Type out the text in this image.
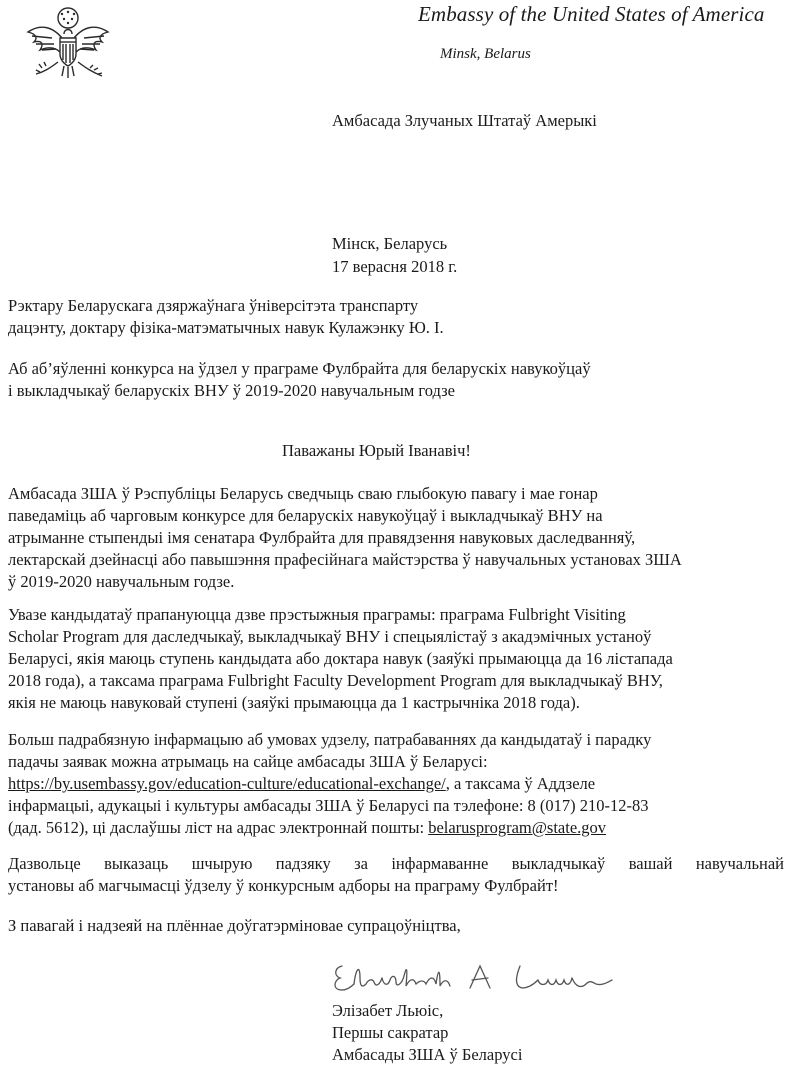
Embassy of the United States of America
Minsk, Belarus
Амбасада Злучаных Штатаў Амерыкі
Мінск, Беларусь
17 верасня 2018 г.
Рэктару Беларускага дзяржаўнага ўніверсітэта транспарту
дацэнту, доктару фізіка-матэматычных навук Кулажэнку Ю. І.
Аб аб’яўленні конкурса на ўдзел у праграме Фулбрайта для беларускіх навукоўцаў
і выкладчыкаў беларускіх ВНУ ў 2019-2020 навучальным годзе
Паважаны Юрый Іванавіч!
Амбасада ЗША ў Рэспубліцы Беларусь сведчыць сваю глыбокую павагу і мае гонар
паведаміць аб чарговым конкурсе для беларускіх навукоўцаў і выкладчыкаў ВНУ на
атрыманне стыпендыі імя сенатара Фулбрайта для правядзення навуковых даследванняў,
лектарскай дзейнасці або павышэння прафесійнага майстэрства ў навучальных установах ЗША
ў 2019-2020 навучальным годзе.
Увазе кандыдатаў прапануюцца дзве прэстыжныя праграмы: праграма Fulbright Visiting
Scholar Program для даследчыкаў, выкладчыкаў ВНУ і спецыялістаў з акадэмічных устаноў
Беларусі, якія маюць ступень кандыдата або доктара навук (заяўкі прымаюцца да 16 лістапада
2018 года), а таксама праграма Fulbright Faculty Development Program для выкладчыкаў ВНУ,
якія не маюць навуковай ступені (заяўкі прымаюцца да 1 кастрычніка 2018 года).
Больш падрабязную інфармацыю аб умовах удзелу, патрабаваннях да кандыдатаў і парадку
падачы заявак можна атрымаць на сайце амбасады ЗША ў Беларусі:
https://by.usembassy.gov/education-culture/educational-exchange/, а таксама ў Аддзеле
інфармацыі, адукацыі і культуры амбасады ЗША ў Беларусі па тэлефоне: 8 (017) 210-12-83
(дад. 5612), ці даслаўшы ліст на адрас электроннай пошты: belarusprogram@state.gov
Дазвольце выказаць шчырую падзяку за інфармаванне выкладчыкаў вашай навучальнай
установы аб магчымасці ўдзелу ў конкурсным адборы на праграму Фулбрайт!
З павагай і надзеяй на плённае доўгатэрміновае супрацоўніцтва,
Элізабет Льюіс,
Першы сакратар
Амбасады ЗША ў Беларусі
